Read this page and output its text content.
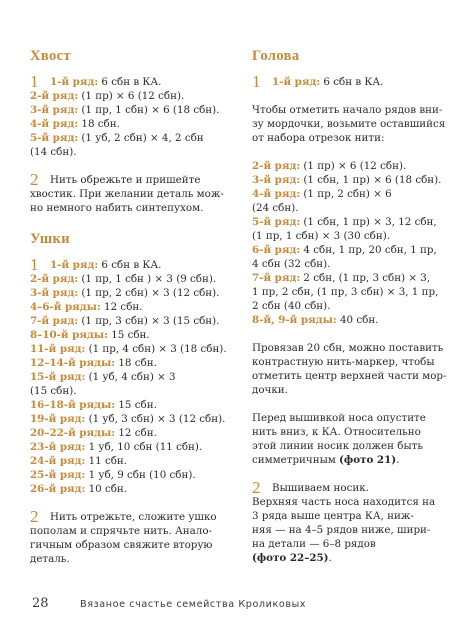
Хвост
1 1-й ряд: 6 сбн в КА.
2-й ряд: (1 пр) × 6 (12 сбн).
3-й ряд: (1 пр, 1 сбн) × 6 (18 сбн).
4-й ряд: 18 сбн.
5-й ряд: (1 уб, 2 сбн) × 4, 2 сбн
(14 сбн).
2 Нить обрежьте и пришейте
хвостик. При желании деталь мож-
но немного набить синтепухом.
Ушки
1 1-й ряд: 6 сбн в КА.
2-й ряд: (1 пр, 1 сбн ) × 3 (9 сбн).
3-й ряд: (1 пр, 2 сбн) × 3 (12 сбн).
4–6-й ряды: 12 сбн.
7-й ряд: (1 пр, 3 сбн) × 3 (15 сбн).
8–10-й ряды: 15 сбн.
11-й ряд: (1 пр, 4 сбн) × 3 (18 сбн).
12–14-й ряды: 18 сбн.
15-й ряд: (1 уб, 4 сбн) × 3
(15 сбн).
16–18-й ряды: 15 сбн.
19-й ряд: (1 уб, 3 сбн) × 3 (12 сбн).
20–22-й ряды: 12 сбн.
23-й ряд: 1 уб, 10 сбн (11 сбн).
24-й ряд: 11 сбн.
25-й ряд: 1 уб, 9 сбн (10 сбн).
26-й ряд: 10 сбн.
2 Нить отрежьте, сложите ушко
пополам и спрячьте нить. Анало-
гичным образом свяжите вторую
деталь.
Голова
1 1-й ряд: 6 сбн в КА.
Чтобы отметить начало рядов вни-
зу мордочки, возьмите оставшийся
от набора отрезок нити:
2-й ряд: (1 пр) × 6 (12 сбн).
3-й ряд: (1 сбн, 1 пр) × 6 (18 сбн).
4-й ряд: (1 пр, 2 сбн) × 6
(24 сбн).
5-й ряд: (1 сбн, 1 пр) × 3, 12 сбн,
(1 пр, 1 сбн) × 3 (30 сбн).
6-й ряд: 4 сбн, 1 пр, 20 сбн, 1 пр,
4 сбн (32 сбн).
7-й ряд: 2 сбн, (1 пр, 3 сбн) × 3,
1 пр, 2 сбн, (1 пр, 3 сбн) × 3, 1 пр,
2 сбн (40 сбн).
8-й, 9-й ряды: 40 сбн.
Провязав 20 сбн, можно поставить
контрастную нить-маркер, чтобы
отметить центр верхней части мор-
дочки.
Перед вышивкой носа опустите
нить вниз, к КА. Относительно
этой линии носик должен быть
симметричным (фото 21).
2 Вышиваем носик.
Верхняя часть носа находится на
3 ряда выше центра КА, ниж-
няя — на 4–5 рядов ниже, шири-
на детали — 6–8 рядов
(фото 22–25).
28	Вязаное счастье семейства Кроликовых
